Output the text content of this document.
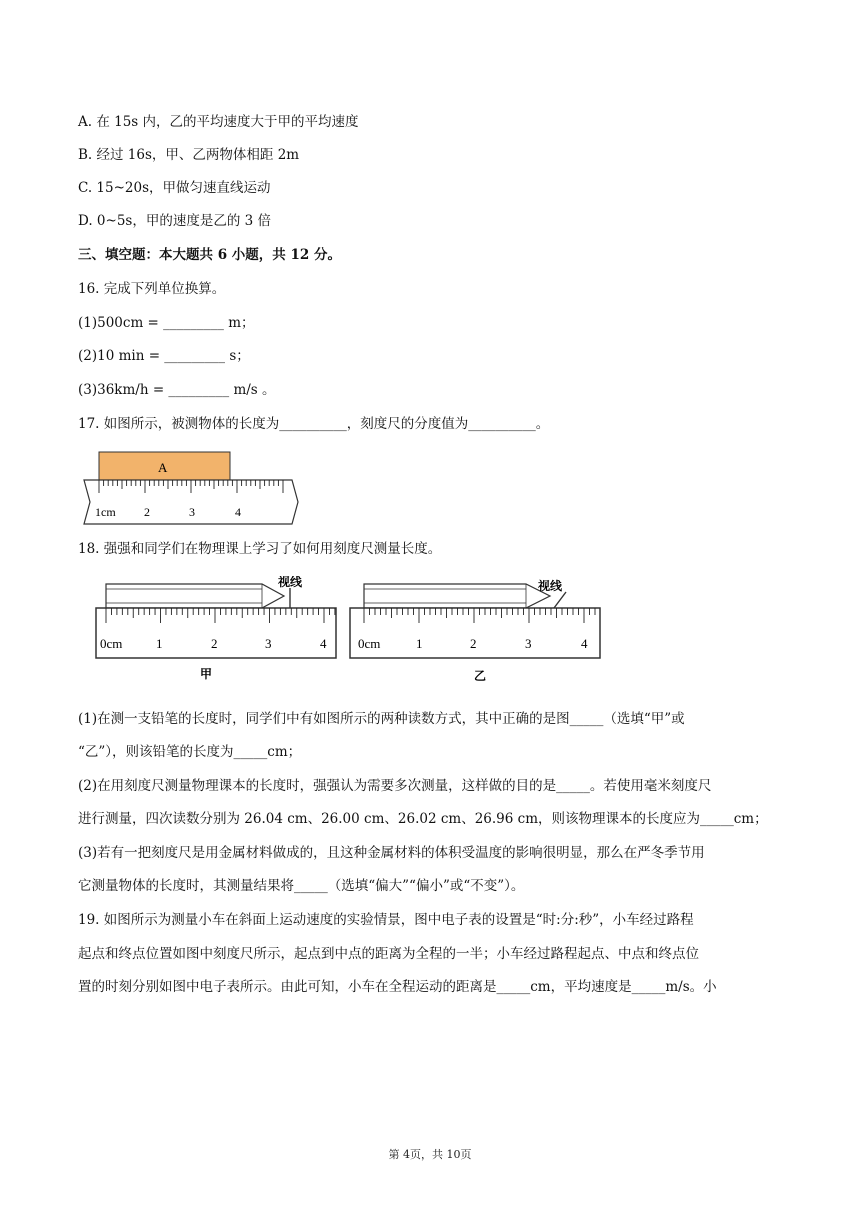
A. 在 15s 内，乙的平均速度大于甲的平均速度
B. 经过 16s，甲、乙两物体相距 2m
C. 15~20s，甲做匀速直线运动
D. 0~5s，甲的速度是乙的 3 倍
三、填空题：本大题共 6 小题，共 12 分。
16. 完成下列单位换算。
(1)500cm = _________ m；
(2)10 min = _________ s；
(3)36km/h = _________ m/s 。
17. 如图所示，被测物体的长度为__________，刻度尺的分度值为__________。
A
1cm 2	3	4
18. 强强和同学们在物理课上学习了如何用刻度尺测量长度。
视线
0cm	1	2	3	4
甲
视线
0cm	1	2	3	4
乙
(1)在测一支铅笔的长度时，同学们中有如图所示的两种读数方式，其中正确的是图_____（选填“甲”或
“乙”），则该铅笔的长度为_____cm；
(2)在用刻度尺测量物理课本的长度时，强强认为需要多次测量，这样做的目的是_____。若使用毫米刻度尺
进行测量，四次读数分别为 26.04 cm、26.00 cm、26.02 cm、26.96 cm，则该物理课本的长度应为_____cm；
(3)若有一把刻度尺是用金属材料做成的，且这种金属材料的体积受温度的影响很明显，那么在严冬季节用
它测量物体的长度时，其测量结果将_____（选填“偏大”“偏小”或“不变”）。
19. 如图所示为测量小车在斜面上运动速度的实验情景，图中电子表的设置是“时:分:秒”，小车经过路程
起点和终点位置如图中刻度尺所示，起点到中点的距离为全程的一半；小车经过路程起点、中点和终点位
置的时刻分别如图中电子表所示。由此可知，小车在全程运动的距离是_____cm，平均速度是_____m/s。小
第 4页，共 10页
